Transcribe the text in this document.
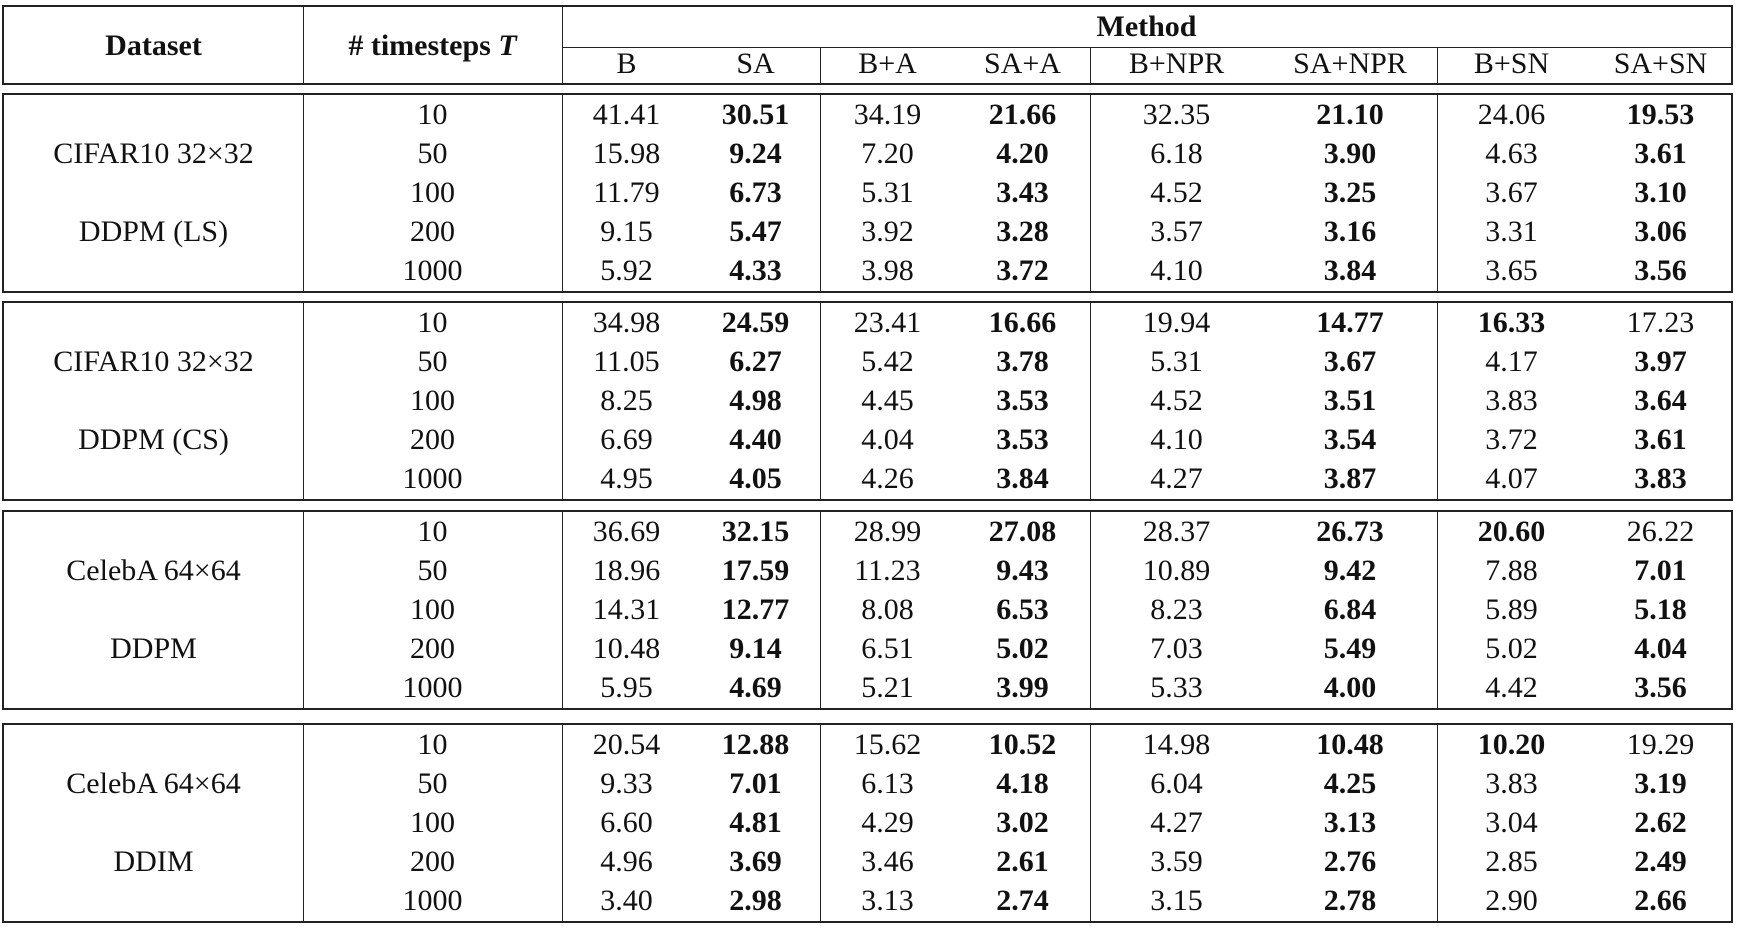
Dataset	# timesteps T
Method
B	SA	B+A	SA+A	B+NPR	SA+NPR	B+SN	SA+SN
CIFAR10 32×32
DDPM (LS)
10	41.41	30.51	34.19	21.66	32.35	21.10	24.06	19.53
50	15.98	9.24	7.20	4.20	6.18	3.90	4.63	3.61
100	11.79	6.73	5.31	3.43	4.52	3.25	3.67	3.10
200	9.15	5.47	3.92	3.28	3.57	3.16	3.31	3.06
1000	5.92	4.33	3.98	3.72	4.10	3.84	3.65	3.56
CIFAR10 32×32
DDPM (CS)
10	34.98	24.59	23.41	16.66	19.94	14.77	16.33	17.23
50	11.05	6.27	5.42	3.78	5.31	3.67	4.17	3.97
100	8.25	4.98	4.45	3.53	4.52	3.51	3.83	3.64
200	6.69	4.40	4.04	3.53	4.10	3.54	3.72	3.61
1000	4.95	4.05	4.26	3.84	4.27	3.87	4.07	3.83
CelebA 64×64
DDPM
10	36.69	32.15	28.99	27.08	28.37	26.73	20.60	26.22
50	18.96	17.59	11.23	9.43	10.89	9.42	7.88	7.01
100	14.31	12.77	8.08	6.53	8.23	6.84	5.89	5.18
200	10.48	9.14	6.51	5.02	7.03	5.49	5.02	4.04
1000	5.95	4.69	5.21	3.99	5.33	4.00	4.42	3.56
CelebA 64×64
DDIM
10	20.54	12.88	15.62	10.52	14.98	10.48	10.20	19.29
50	9.33	7.01	6.13	4.18	6.04	4.25	3.83	3.19
100	6.60	4.81	4.29	3.02	4.27	3.13	3.04	2.62
200	4.96	3.69	3.46	2.61	3.59	2.76	2.85	2.49
1000	3.40	2.98	3.13	2.74	3.15	2.78	2.90	2.66
